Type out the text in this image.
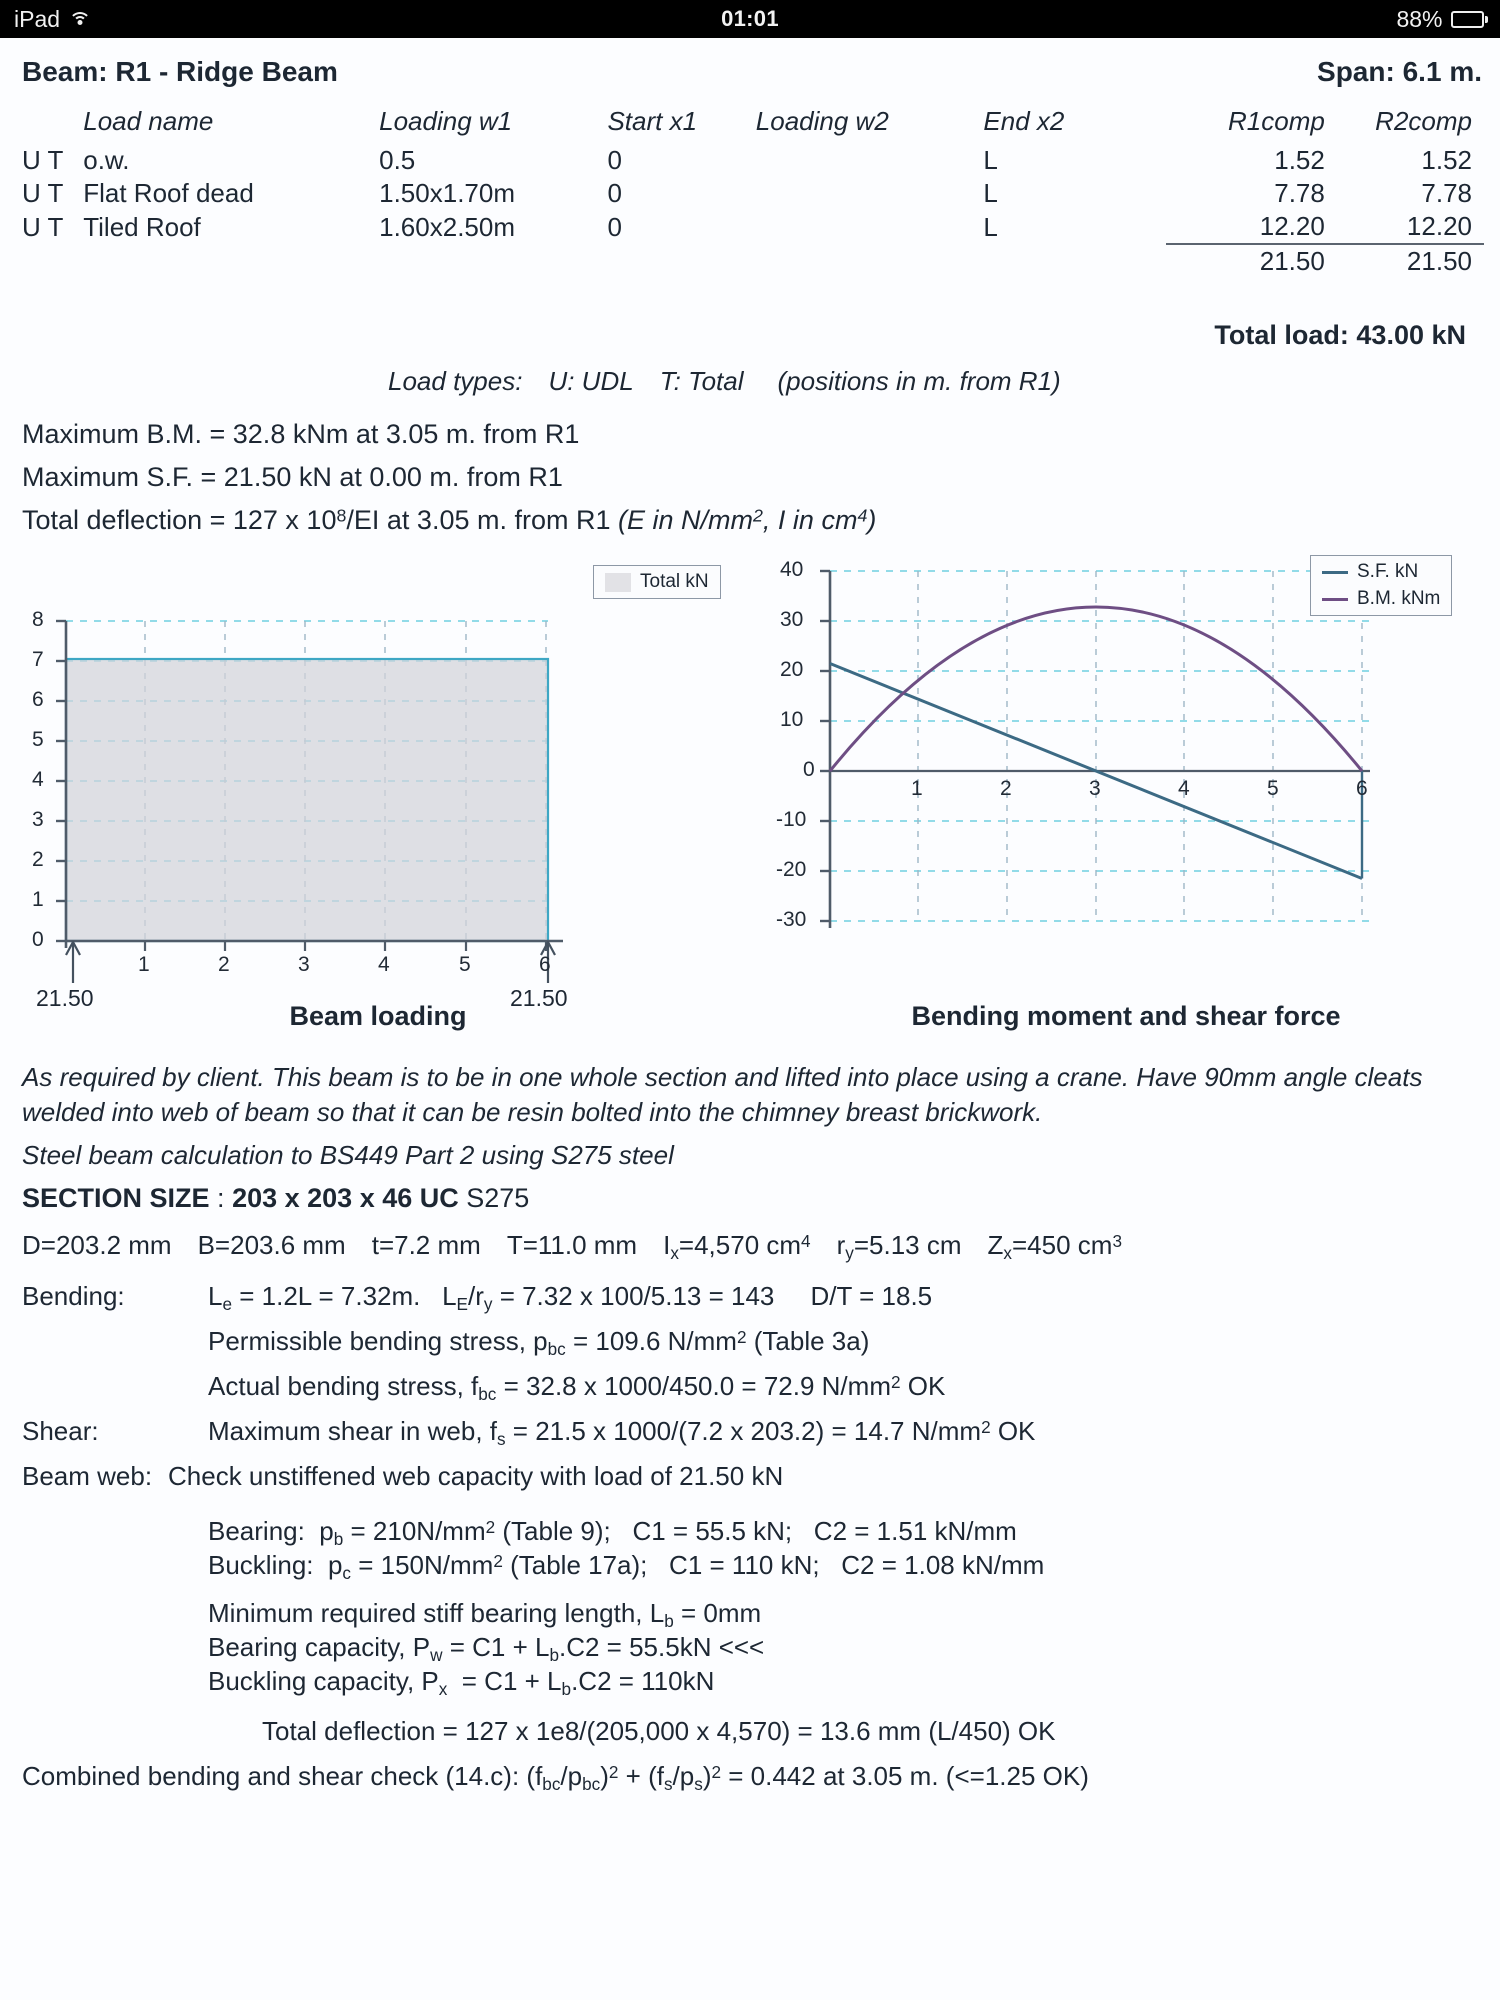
iPad	01:01	88%
Beam: R1 - Ridge Beam	Span: 6.1 m.
	Load name	Loading w1	Start x1	Loading w2	End x2	R1comp	R2comp
U T	o.w.	0.5	0		L	1.52	1.52
U T	Flat Roof dead	1.50x1.70m	0		L	7.78	7.78
U T	Tiled Roof	1.60x2.50m	0		L	12.20	12.20
						21.50	21.50
Total load: 43.00 kN
Load types: U: UDL T: Total (positions in m. from R1)
Maximum B.M. = 32.8 kNm at 3.05 m. from R1
Maximum S.F. = 21.50 kN at 0.00 m. from R1
Total deflection = 127 x $10^8/EI$ at 3.05 m. from R1 (E in $N/mm^2$, I in $cm^4$)
8
7
6
5
4
3
2
1
0
1	2	3	4	5	6
21.50	21.50
Total kN
Beam loading
40
30
20
10
0
-10
-20
-30
1	2	3	4	5	6
S.F. kN
B.M. kNm
Bending moment and shear force
As required by client. This beam is to be in one whole section and lifted into place using a crane. Have 90mm angle cleats welded into web of beam so that it can be resin bolted into the chimney breast brickwork.
Steel beam calculation to BS449 Part 2 using S275 steel
SECTION SIZE : 203 x 203 x 46 UC S275
D=203.2 mm B=203.6 mm t=7.2 mm T=11.0 mm $I_x=4,570$ $cm^4$ $r_y=5.13$ cm $Z_x=450$ $cm^3$
Bending:	$L_e = 1.2L = 7.32m$.   $L_E/r_y = 7.32$ x 100/5.13 = 143     D/T = 18.5
Permissible bending stress, $p_{bc} = 109.6$ $N/mm^2$ (Table 3a)
Actual bending stress, $f_{bc} = 32.8$ x 1000/450.0 = 72.9 $N/mm^2$ OK
Shear:	Maximum shear in web, $f_s = 21.5$ x 1000/(7.2 x 203.2) = 14.7 $N/mm^2$ OK
Beam web: Check unstiffened web capacity with load of 21.50 kN
Bearing:  $p_b = 210N/mm^2$ (Table 9);   C1 = 55.5 kN;   C2 = 1.51 kN/mm
Buckling:  $p_c = 150N/mm^2$ (Table 17a);   C1 = 110 kN;   C2 = 1.08 kN/mm
Minimum required stiff bearing length, $L_b = 0mm$
Bearing capacity, $P_w = C1 + L_b.C2 = 55.5kN$ <<<
Buckling capacity, $P_x = C1 + L_b.C2 = 110kN$
Total deflection = 127 x 1e8/(205,000 x 4,570) = 13.6 mm (L/450) OK
Combined bending and shear check (14.c): $(f_{bc}/p_{bc})^2 + (f_s/p_s)^2 = 0.442$ at 3.05 m. (<=1.25 OK)
